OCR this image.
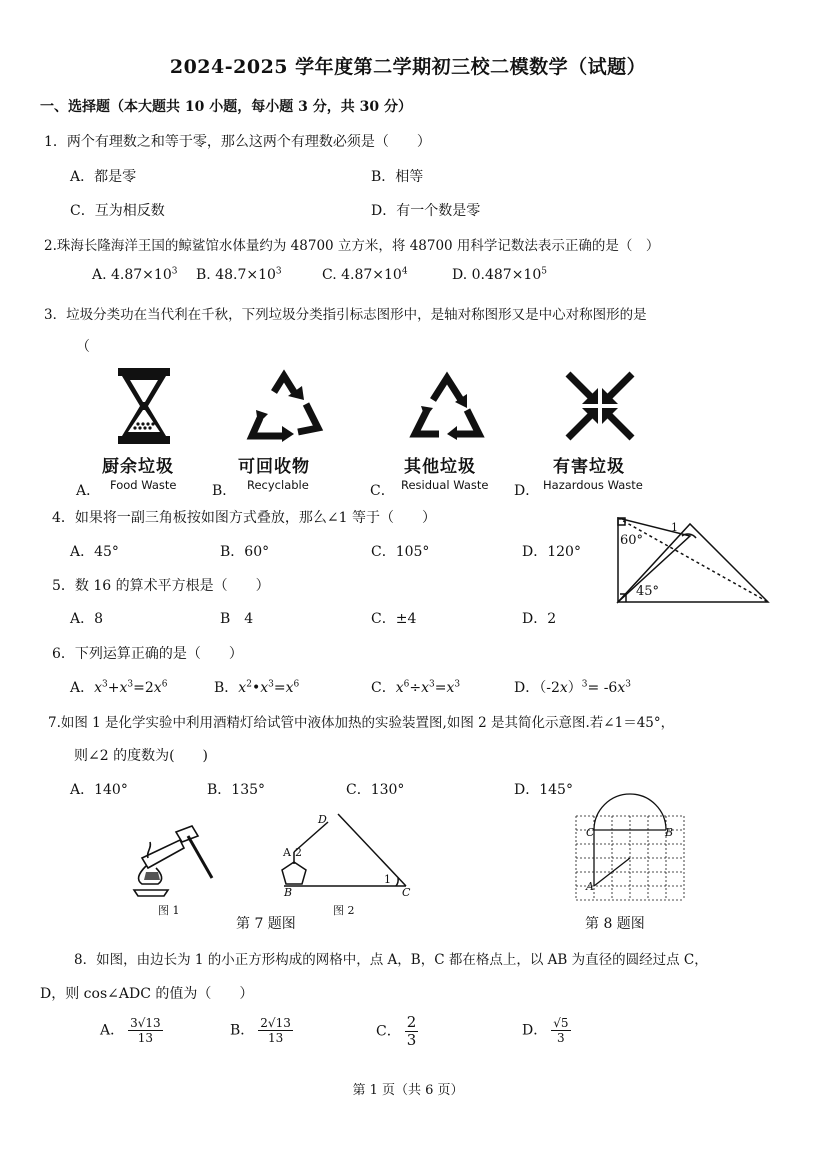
2024-2025 学年度第二学期初三校二模数学（试题）
一、选择题（本大题共 10 小题，每小题 3 分，共 30 分）
1．两个有理数之和等于零，那么这两个有理数必须是（　　）
A．都是零	B．相等
C．互为相反数	D．有一个数是零
2.珠海长隆海洋王国的鲸鲨馆水体量约为 48700 立方米，将 48700 用科学记数法表示正确的是（　）
A. $4.87\times 10^3$ B. $48.7\times 10^3$	C. $4.87\times 10^4$	D. $0.487\times 10^5$
3．垃圾分类功在当代利在千秋，下列垃圾分类指引标志图形中，是轴对称图形又是中心对称图形的是
（
厨余垃圾	可回收物	其他垃圾	有害垃圾
A． Food Waste	B． Recyclable	C． Residual Waste D． Hazardous Waste
4．如果将一副三角板按如图方式叠放，那么∠1 等于（　　）
A．45°	B．60°	C．105°	D．120°
60°
45°
1
5．数 16 的算术平方根是（　　）
A．8	B　4	C．±4	D．2
6．下列运算正确的是（　　）
A．$x^3+x^3=2x^6$	B．$x^2•x^3=x^6$	C．$x^6\div x^3=x^3$	D．$(-2x)^3= -6x^3$
7.如图 1 是化学实验中利用酒精灯给试管中液体加热的实验装置图,如图 2 是其简化示意图.若∠1＝45°，
则∠2 的度数为(　　)
A．140°	B．135°	C．130°	D．145°
图 1
D
A 2
B	C
1
图 2
第 7 题图
C	B
A
第 8 题图
8．如图，由边长为 1 的小正方形构成的网格中，点 A，B，C 都在格点上，以 AB 为直径的圆经过点 C，
D，则 cos∠ADC 的值为（　　）
A． $\frac{3√13}{13}$	B． $\frac{2√13}{13}$	C． $\frac{2}{3}$	D． $\frac{√5}{3}$
第 1 页（共 6 页）
